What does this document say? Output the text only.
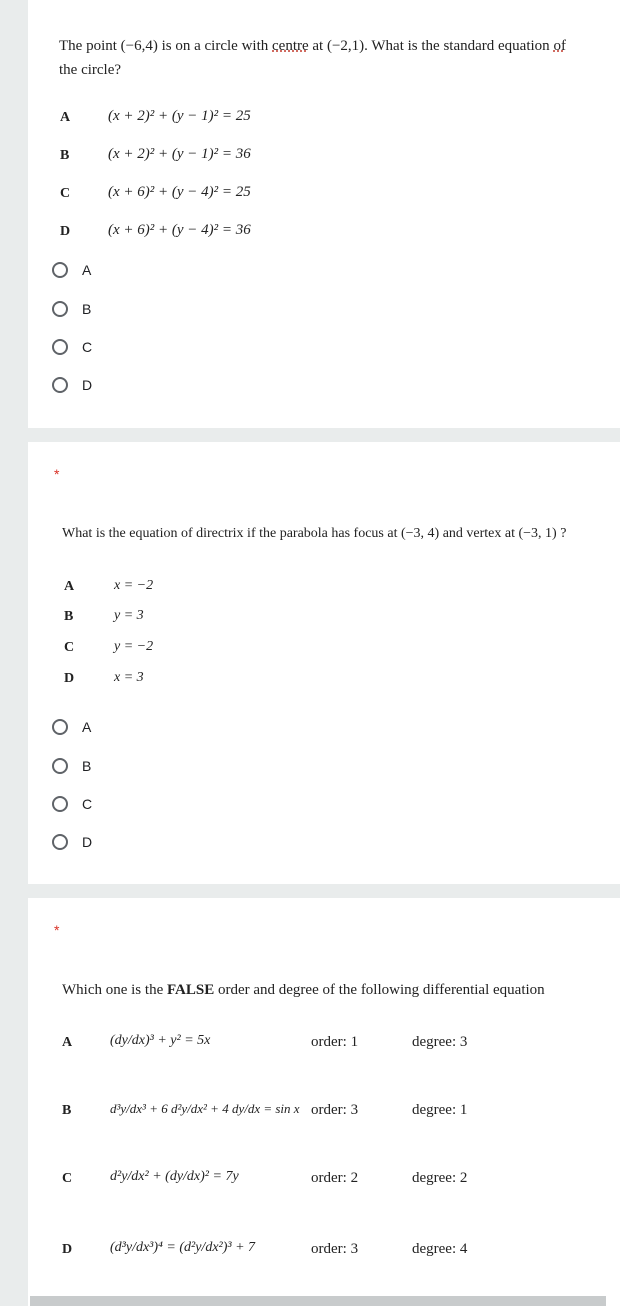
The point (−6,4) is on a circle with centre at (−2,1). What is the standard equation of
the circle?
A	(x + 2)² + (y − 1)² = 25
B	(x + 2)² + (y − 1)² = 36
C	(x + 6)² + (y − 4)² = 25
D	(x + 6)² + (y − 4)² = 36
A
B
C
D
*
What is the equation of directrix if the parabola has focus at (−3, 4) and vertex at (−3, 1) ?
A	x = −2
B	y = 3
C	y = −2
D	x = 3
A
B
C
D
*
Which one is the FALSE order and degree of the following differential equation
A	(dy/dx)³ + y² = 5x	order: 1	degree: 3
B	d³y/dx³ + 6 d²y/dx² + 4 dy/dx = sin x order: 3	degree: 1
C	d²y/dx² + (dy/dx)² = 7y	order: 2	degree: 2
D	(d³y/dx³)⁴ = (d²y/dx²)³ + 7	order: 3	degree: 4
